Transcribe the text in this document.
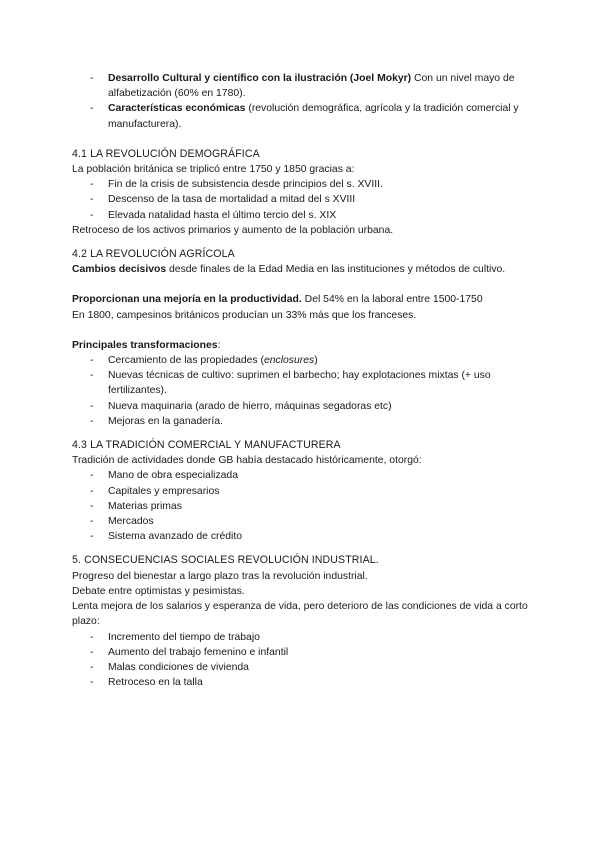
- Desarrollo Cultural y científico con la ilustración (Joel Mokyr) Con un nivel mayo de alfabetización (60% en 1780).
- Características económicas (revolución demográfica, agrícola y la tradición comercial y manufacturera).

4.1 LA REVOLUCIÓN DEMOGRÁFICA

La población británica se triplicó entre 1750 y 1850 gracias a:

- Fin de la crisis de subsistencia desde principios del s. XVIII.
- Descenso de la tasa de mortalidad a mitad del s XVIII
- Elevada natalidad hasta el último tercio del s. XIX

Retroceso de los activos primarios y aumento de la población urbana.

4.2 LA REVOLUCIÓN AGRÍCOLA

Cambios decisivos desde finales de la Edad Media en las instituciones y métodos de cultivo.

Proporcionan una mejoría en la productividad. Del 54% en la laboral entre 1500-1750

En 1800, campesinos británicos producían un 33% más que los franceses.

Principales transformaciones:

- Cercamiento de las propiedades (enclosures)
- Nuevas técnicas de cultivo: suprimen el barbecho; hay explotaciones mixtas (+ uso fertilizantes).
- Nueva maquinaria (arado de hierro, máquinas segadoras etc)
- Mejoras en la ganadería.

4.3 LA TRADICIÓN COMERCIAL Y MANUFACTURERA

Tradición de actividades donde GB había destacado históricamente, otorgó:

- Mano de obra especializada
- Capitales y empresarios
- Materias primas
- Mercados
- Sistema avanzado de crédito

5. CONSECUENCIAS SOCIALES REVOLUCIÓN INDUSTRIAL.

Progreso del bienestar a largo plazo tras la revolución industrial.

Debate entre optimistas y pesimistas.

Lenta mejora de los salarios y esperanza de vida, pero deterioro de las condiciones de vida a corto plazo:

- Incremento del tiempo de trabajo
- Aumento del trabajo femenino e infantil
- Malas condiciones de vivienda
- Retroceso en la talla
